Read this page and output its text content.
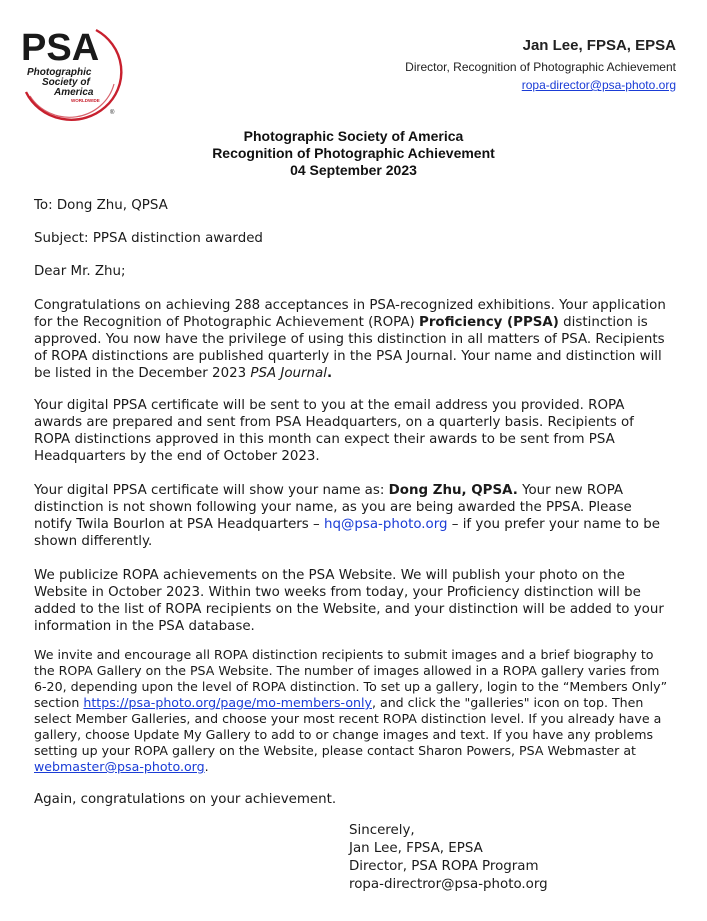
PSA
Photographic
Society of
America
WORLDWIDE
®
Jan Lee, FPSA, EPSA
Director, Recognition of Photographic Achievement
ropa-director@psa-photo.org
Photographic Society of America
Recognition of Photographic Achievement
04 September 2023

To: Dong Zhu, QPSA

Subject: PPSA distinction awarded

Dear Mr. Zhu;

Congratulations on achieving 288 acceptances in PSA-recognized exhibitions. Your application for the Recognition of Photographic Achievement (ROPA) Proficiency (PPSA) distinction is approved. You now have the privilege of using this distinction in all matters of PSA. Recipients of ROPA distinctions are published quarterly in the PSA Journal. Your name and distinction will be listed in the December 2023 PSA Journal.

Your digital PPSA certificate will be sent to you at the email address you provided. ROPA awards are prepared and sent from PSA Headquarters, on a quarterly basis. Recipients of ROPA distinctions approved in this month can expect their awards to be sent from PSA Headquarters by the end of October 2023.

Your digital PPSA certificate will show your name as: Dong Zhu, QPSA. Your new ROPA distinction is not shown following your name, as you are being awarded the PPSA. Please notify Twila Bourlon at PSA Headquarters – hq@psa-photo.org – if you prefer your name to be shown differently.

We publicize ROPA achievements on the PSA Website. We will publish your photo on the Website in October 2023. Within two weeks from today, your Proficiency distinction will be added to the list of ROPA recipients on the Website, and your distinction will be added to your information in the PSA database.

We invite and encourage all ROPA distinction recipients to submit images and a brief biography to the ROPA Gallery on the PSA Website. The number of images allowed in a ROPA gallery varies from 6-20, depending upon the level of ROPA distinction. To set up a gallery, login to the “Members Only” section https://psa-photo.org/page/mo-members-only, and click the "galleries" icon on top. Then select Member Galleries, and choose your most recent ROPA distinction level. If you already have a gallery, choose Update My Gallery to add to or change images and text. If you have any problems setting up your ROPA gallery on the Website, please contact Sharon Powers, PSA Webmaster at webmaster@psa-photo.org.

Again, congratulations on your achievement.

Sincerely,
Jan Lee, FPSA, EPSA
Director, PSA ROPA Program
ropa-directror@psa-photo.org
